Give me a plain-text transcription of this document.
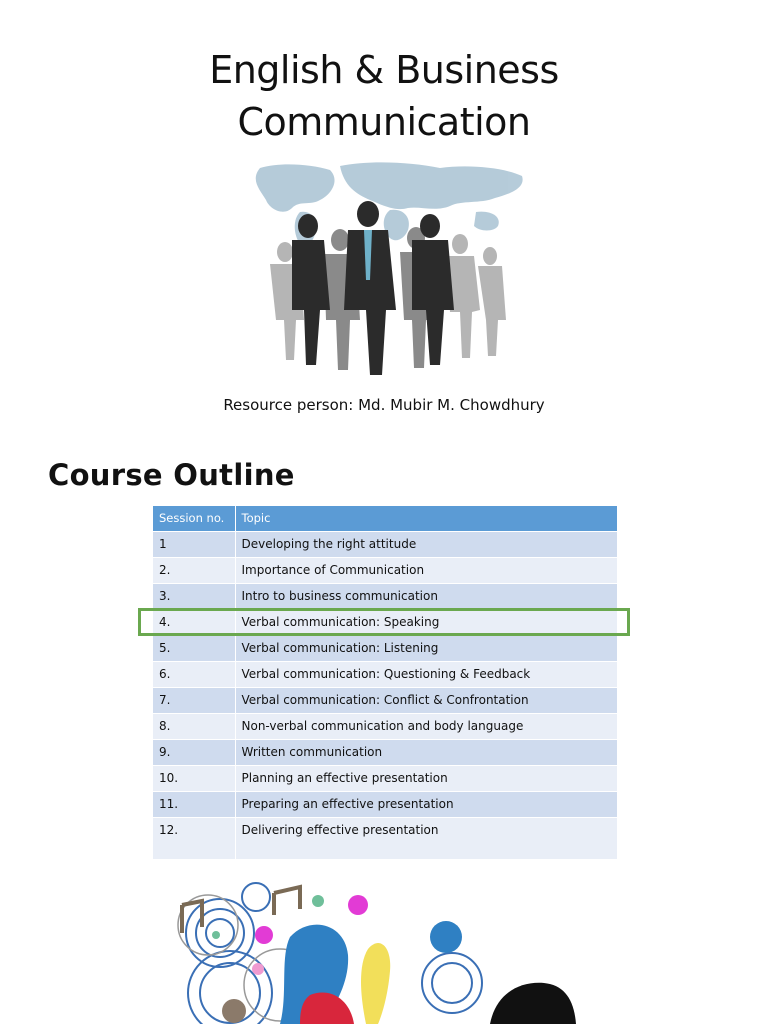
English & Business
Communication
Resource person: Md. Mubir M. Chowdhury
Course Outline
Session no.	Topic
1	Developing the right attitude
2.	Importance of Communication
3.	Intro to business communication
4.	Verbal communication: Speaking
5.	Verbal communication: Listening
6.	Verbal communication: Questioning & Feedback
7.	Verbal communication: Conflict & Confrontation
8.	Non-verbal communication and body language
9.	Written communication
10.	Planning an effective presentation
11.	Preparing an effective presentation
12.	Delivering effective presentation
